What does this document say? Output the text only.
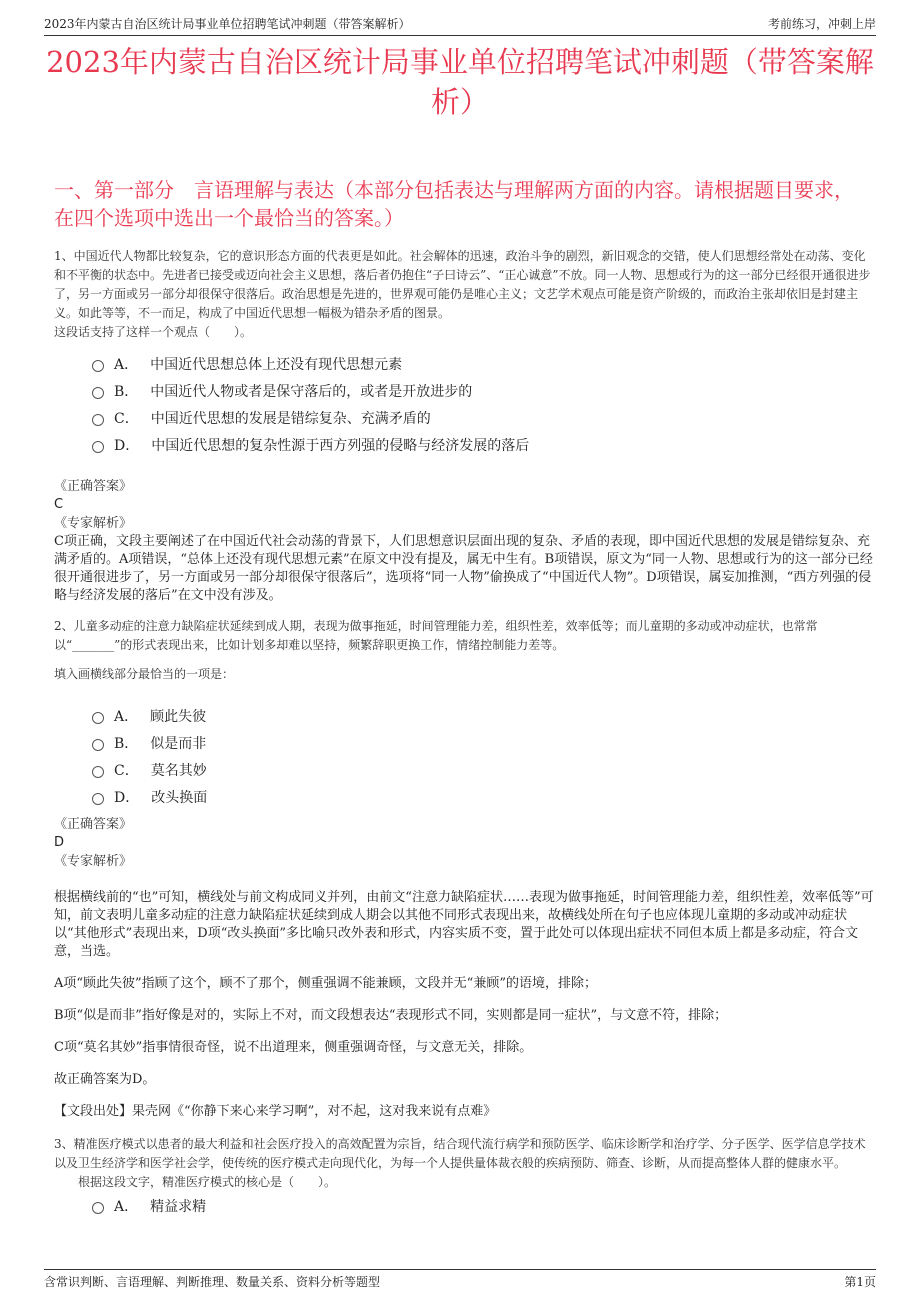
2023年内蒙古自治区统计局事业单位招聘笔试冲刺题（带答案解析）	考前练习，冲刺上岸
2023年内蒙古自治区统计局事业单位招聘笔试冲刺题（带答案解析）
一、第一部分　言语理解与表达（本部分包括表达与理解两方面的内容。请根据题目要求，在四个选项中选出一个最恰当的答案。）

1、中国近代人物都比较复杂，它的意识形态方面的代表更是如此。社会解体的迅速，政治斗争的剧烈，新旧观念的交错，使人们思想经常处在动荡、变化和不平衡的状态中。先进者已接受或迈向社会主义思想，落后者仍抱住“子曰诗云”、“正心诚意”不放。同一人物、思想或行为的这一部分已经很开通很进步了，另一方面或另一部分却很保守很落后。政治思想是先进的，世界观可能仍是唯心主义；文艺学术观点可能是资产阶级的，而政治主张却依旧是封建主义。如此等等，不一而足，构成了中国近代思想一幅极为错杂矛盾的图景。

这段话支持了这样一个观点（　　）。

A． 中国近代思想总体上还没有现代思想元素
B． 中国近代人物或者是保守落后的，或者是开放进步的
C． 中国近代思想的发展是错综复杂、充满矛盾的
D． 中国近代思想的复杂性源于西方列强的侵略与经济发展的落后
《正确答案》
C
《专家解析》
C项正确，文段主要阐述了在中国近代社会动荡的背景下，人们思想意识层面出现的复杂、矛盾的表现，即中国近代思想的发展是错综复杂、充满矛盾的。A项错误，“总体上还没有现代思想元素”在原文中没有提及，属无中生有。B项错误，原文为“同一人物、思想或行为的这一部分已经很开通很进步了，另一方面或另一部分却很保守很落后”，选项将“同一人物”偷换成了“中国近代人物”。D项错误，属妄加推测，“西方列强的侵略与经济发展的落后”在文中没有涉及。

2、儿童多动症的注意力缺陷症状延续到成人期，表现为做事拖延，时间管理能力差，组织性差，效率低等；而儿童期的多动或冲动症状，也常常以“_______”的形式表现出来，比如计划多却难以坚持，频繁辞职更换工作，情绪控制能力差等。

填入画横线部分最恰当的一项是：

A． 顾此失彼
B． 似是而非
C． 莫名其妙
D． 改头换面
《正确答案》
D
《专家解析》

根据横线前的“也”可知，横线处与前文构成同义并列，由前文“注意力缺陷症状……表现为做事拖延，时间管理能力差，组织性差，效率低等”可知，前文表明儿童多动症的注意力缺陷症状延续到成人期会以其他不同形式表现出来，故横线处所在句子也应体现儿童期的多动或冲动症状以“其他形式”表现出来，D项“改头换面”多比喻只改外表和形式，内容实质不变，置于此处可以体现出症状不同但本质上都是多动症，符合文意，当选。

A项“顾此失彼”指顾了这个，顾不了那个，侧重强调不能兼顾，文段并无“兼顾”的语境，排除；

B项“似是而非”指好像是对的，实际上不对，而文段想表达“表现形式不同，实则都是同一症状”，与文意不符，排除；

C项“莫名其妙”指事情很奇怪，说不出道理来，侧重强调奇怪，与文意无关，排除。

故正确答案为D。

【文段出处】果壳网《“你静下来心来学习啊”，对不起，这对我来说有点难》

3、精准医疗模式以患者的最大利益和社会医疗投入的高效配置为宗旨，结合现代流行病学和预防医学、临床诊断学和治疗学、分子医学、医学信息学技术以及卫生经济学和医学社会学，使传统的医疗模式走向现代化，为每一个人提供量体裁衣般的疾病预防、筛查、诊断，从而提高整体人群的健康水平。

根据这段文字，精准医疗模式的核心是（　　）。

A． 精益求精
含常识判断、言语理解、判断推理、数量关系、资料分析等题型	第1页
